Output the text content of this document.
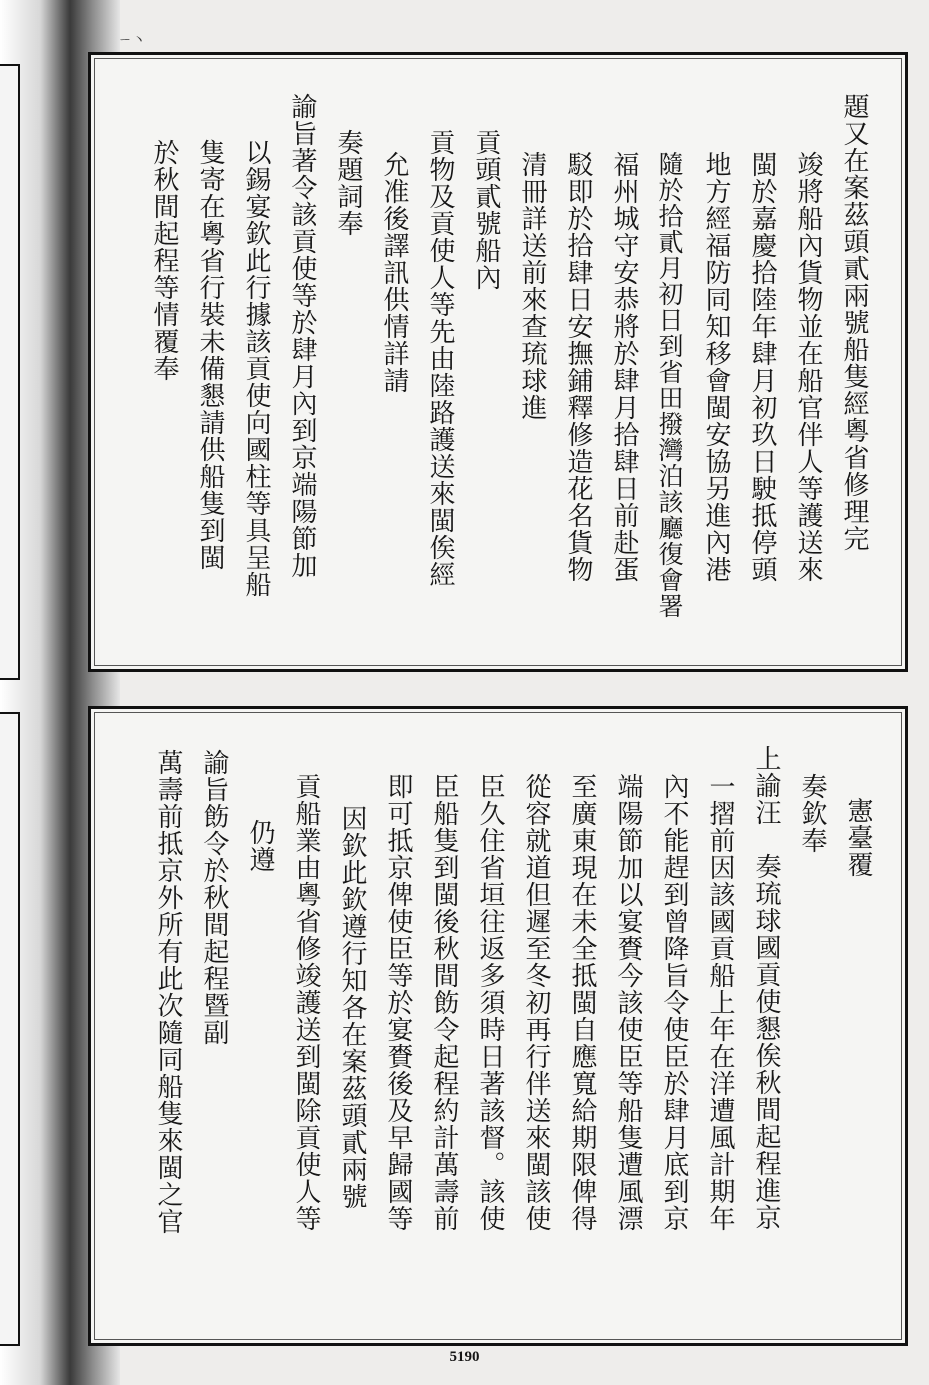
ㄧ丶
題又在案茲頭貳兩號船隻經粵省修理完
竣將船內貨物並在船官伴人等護送來
閩於嘉慶拾陸年肆月初玖日駛抵停頭
地方經福防同知移會閩安協另進內港
隨於拾貳月初日到省田撥灣泊該廳復會署
福州城守安恭將於肆月拾肆日前赴蛋
駁即於拾肆日安撫鋪釋修造花名貨物
清冊詳送前來查琉球進
貢頭貳號船內
貢物及貢使人等先由陸路護送來閩俟經
允准後譯訊供情詳請
奏題詞奉
諭旨著令該貢使等於肆月內到京端陽節加
以錫宴欽此行據該貢使向國柱等具呈船
隻寄在粵省行裝未備懇請供船隻到閩
於秋間起程等情覆奉
憲臺覆
奏欽奉
上諭汪　奏琉球國貢使懇俟秋間起程進京
一摺前因該國貢船上年在洋遭風計期年
內不能趕到曾降旨令使臣於肆月底到京
端陽節加以宴賚今該使臣等船隻遭風漂
至廣東現在未全抵閩自應寬給期限俾得
從容就道但遲至冬初再行伴送來閩該使
臣久住省垣往返多須時日著該督。該使
臣船隻到閩後秋間飭令起程約計萬壽前
即可抵京俾使臣等於宴賚後及早歸國等
因欽此欽遵行知各在案茲頭貳兩號
貢船業由粵省修竣護送到閩除貢使人等
仍遵
諭旨飭令於秋間起程暨副
萬壽前抵京外所有此次隨同船隻來閩之官
5190
